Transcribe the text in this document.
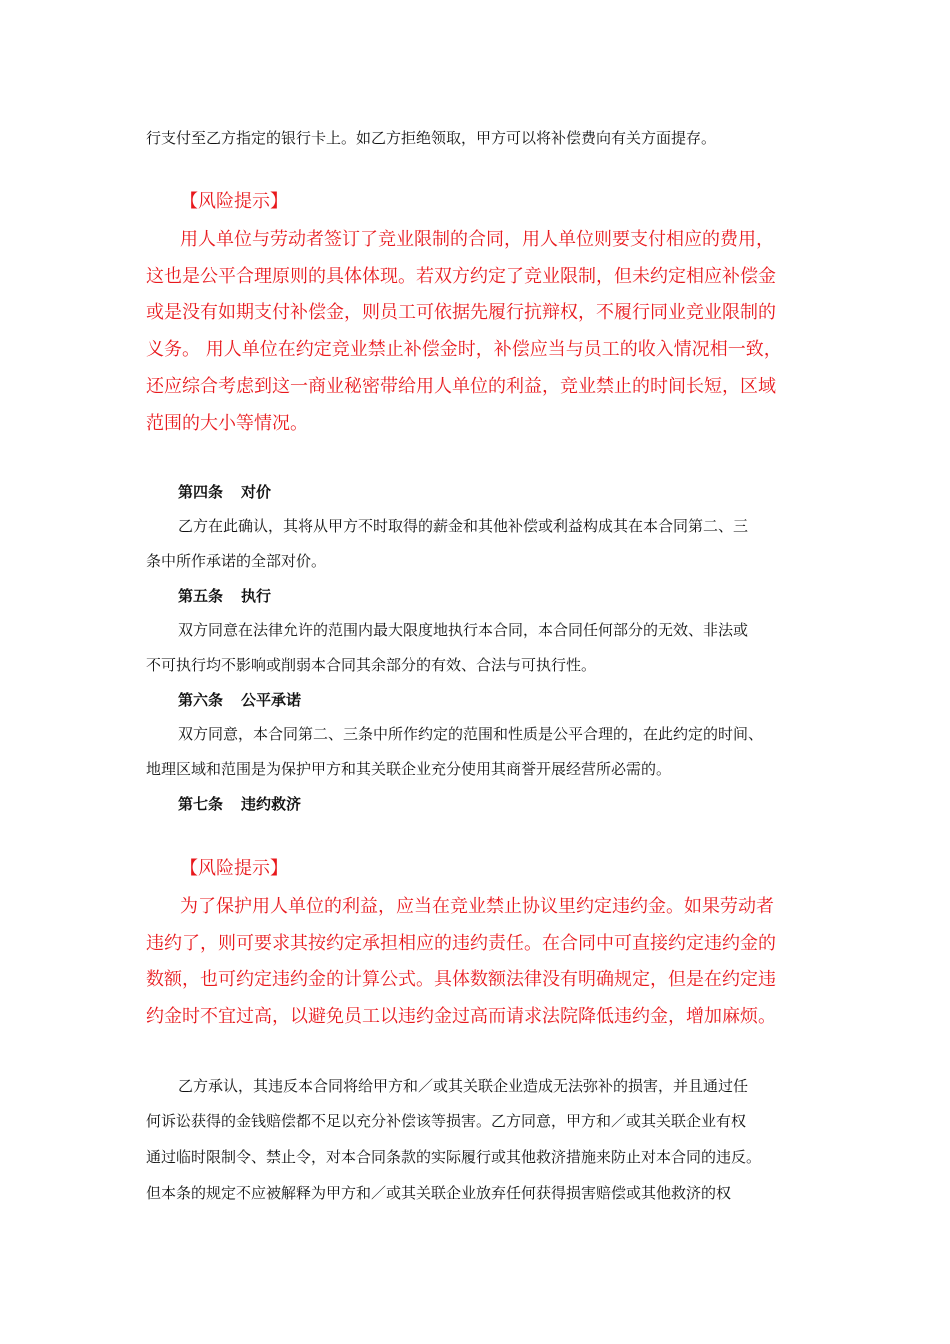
行支付至乙方指定的银行卡上。如乙方拒绝领取，甲方可以将补偿费向有关方面提存。
【风险提示】
用人单位与劳动者签订了竞业限制的合同，用人单位则要支付相应的费用，
这也是公平合理原则的具体体现。若双方约定了竞业限制，但未约定相应补偿金
或是没有如期支付补偿金，则员工可依据先履行抗辩权，不履行同业竞业限制的
义务。 用人单位在约定竞业禁止补偿金时，补偿应当与员工的收入情况相一致，
还应综合考虑到这一商业秘密带给用人单位的利益，竞业禁止的时间长短，区域
范围的大小等情况。
第四条 对价
乙方在此确认，其将从甲方不时取得的薪金和其他补偿或利益构成其在本合同第二、三
条中所作承诺的全部对价。
第五条 执行
双方同意在法律允许的范围内最大限度地执行本合同，本合同任何部分的无效、非法或
不可执行均不影响或削弱本合同其余部分的有效、合法与可执行性。
第六条 公平承诺
双方同意，本合同第二、三条中所作约定的范围和性质是公平合理的，在此约定的时间、
地理区域和范围是为保护甲方和其关联企业充分使用其商誉开展经营所必需的。
第七条 违约救济
【风险提示】
为了保护用人单位的利益，应当在竞业禁止协议里约定违约金。如果劳动者
违约了，则可要求其按约定承担相应的违约责任。在合同中可直接约定违约金的
数额，也可约定违约金的计算公式。具体数额法律没有明确规定，但是在约定违
约金时不宜过高，以避免员工以违约金过高而请求法院降低违约金，增加麻烦。
乙方承认，其违反本合同将给甲方和／或其关联企业造成无法弥补的损害，并且通过任
何诉讼获得的金钱赔偿都不足以充分补偿该等损害。乙方同意，甲方和／或其关联企业有权
通过临时限制令、禁止令，对本合同条款的实际履行或其他救济措施来防止对本合同的违反。
但本条的规定不应被解释为甲方和／或其关联企业放弃任何获得损害赔偿或其他救济的权
